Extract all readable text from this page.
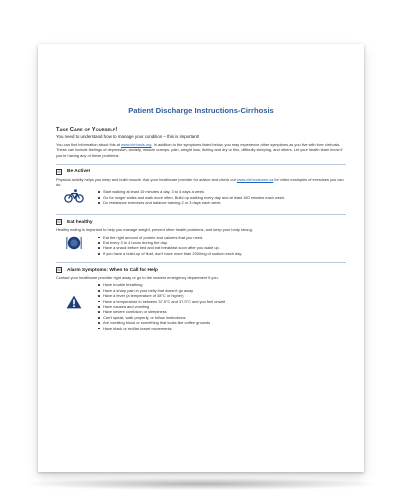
Patient Discharge Instructions-Cirrhosis
Take Care of Yourself!
You need to understand how to manage your condition – this is important!
You can find information about this at www.cirrhosis.org. In addition to the symptoms listed below, you may experience other symptoms as you live with liver cirrhosis. These can include feelings of depression, anxiety, muscle cramps, pain, weight loss, itching and dry or thin, difficulty sleeping, and others. Let your health team know if you're having any of these problems.
☒ Be Active!
Physical activity helps you keep and build muscle. Ask your healthcare provider for advice and check out www.cirrhosiscare.ca for video examples of exercises you can do.
Start walking at least 10 minutes a day, 3 to 4 days a week.
Go for longer walks and walk more often. Build up walking every day and at least 150 minutes each week.
Do resistance exercises and balance training 2 or 3 days each week.
☒ Eat healthy
Healthy eating is important to help you manage weight, prevent other health problems, and keep your body strong.
Eat the right amount of protein and calories that you need.
Eat every 3 to 4 hours during the day.
Have a snack before bed and eat breakfast soon after you wake up.
If you have a build-up of fluid, don't have more than 2000mg of sodium each day.
☒ Alarm Symptoms: When to Call for Help
Contact your healthcare provider right away or go to the nearest emergency department if you:
Have trouble breathing
Have a sharp pain in your belly that doesn't go away
Have a fever (a temperature of 38°C or higher)
Have a temperature in between 37.5°C and 37.9°C and you feel unwell
Have nausea and vomiting
Have severe confusion or sleepiness
Can't speak, walk properly, or follow instructions
Are vomiting blood or something that looks like coffee grounds
Have black or red/tar bowel movements
